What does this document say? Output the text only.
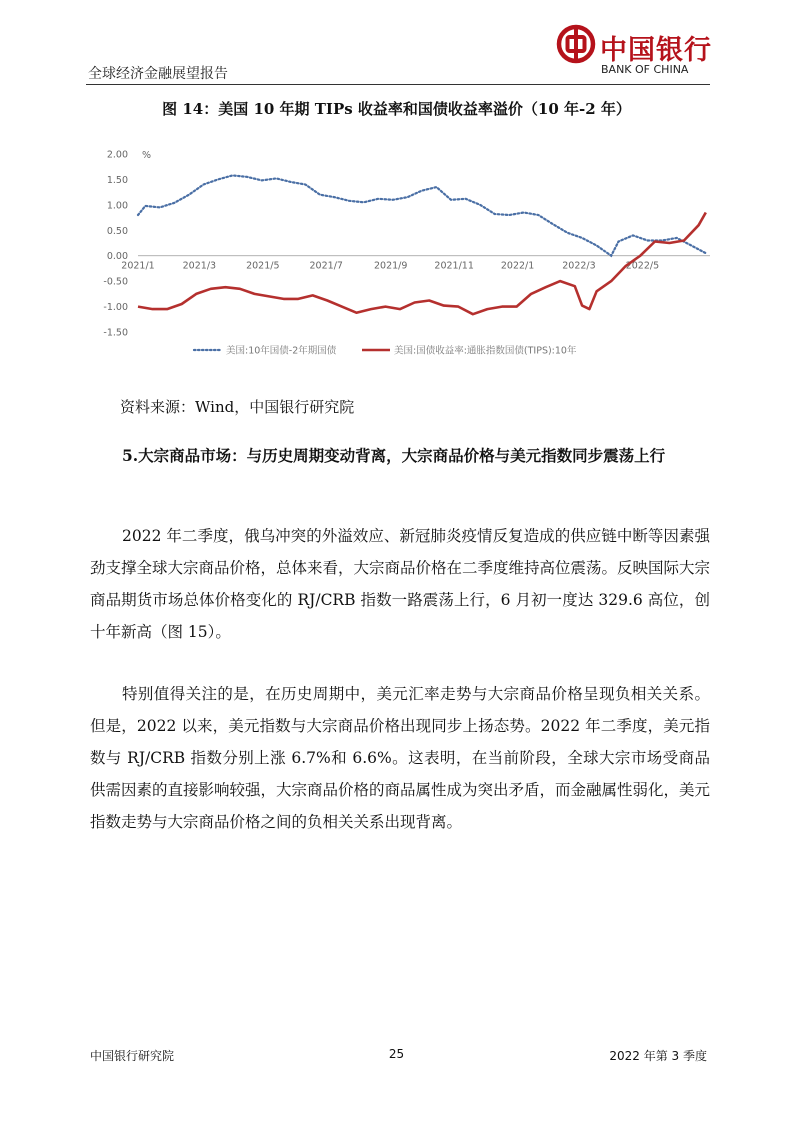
全球经济金融展望报告
中国银行
BANK OF CHINA
图 14：美国 10 年期 TIPs 收益率和国债收益率溢价（10 年-2 年）
2.00
1.50
1.00
0.50
0.00
-0.50
-1.00
-1.50
2021/1	2021/3	2021/5	2021/7	2021/9	2021/11	2022/1	2022/3	2022/5
%
美国:10年国债-2年期国债	美国:国债收益率:通胀指数国债(TIPS):10年
资料来源：Wind，中国银行研究院

5.大宗商品市场：与历史周期变动背离，大宗商品价格与美元指数同步震荡上行

2022 年二季度，俄乌冲突的外溢效应、新冠肺炎疫情反复造成的供应链中断等因素强劲支撑全球大宗商品价格，总体来看，大宗商品价格在二季度维持高位震荡。反映国际大宗商品期货市场总体价格变化的 RJ/CRB 指数一路震荡上行，6 月初一度达 329.6 高位，创十年新高（图 15）。

特别值得关注的是，在历史周期中，美元汇率走势与大宗商品价格呈现负相关关系。但是，2022 以来，美元指数与大宗商品价格出现同步上扬态势。2022 年二季度，美元指数与 RJ/CRB 指数分别上涨 6.7%和 6.6%。这表明，在当前阶段，全球大宗市场受商品供需因素的直接影响较强，大宗商品价格的商品属性成为突出矛盾，而金融属性弱化，美元指数走势与大宗商品价格之间的负相关关系出现背离。

中国银行研究院	25	2022 年第 3 季度
